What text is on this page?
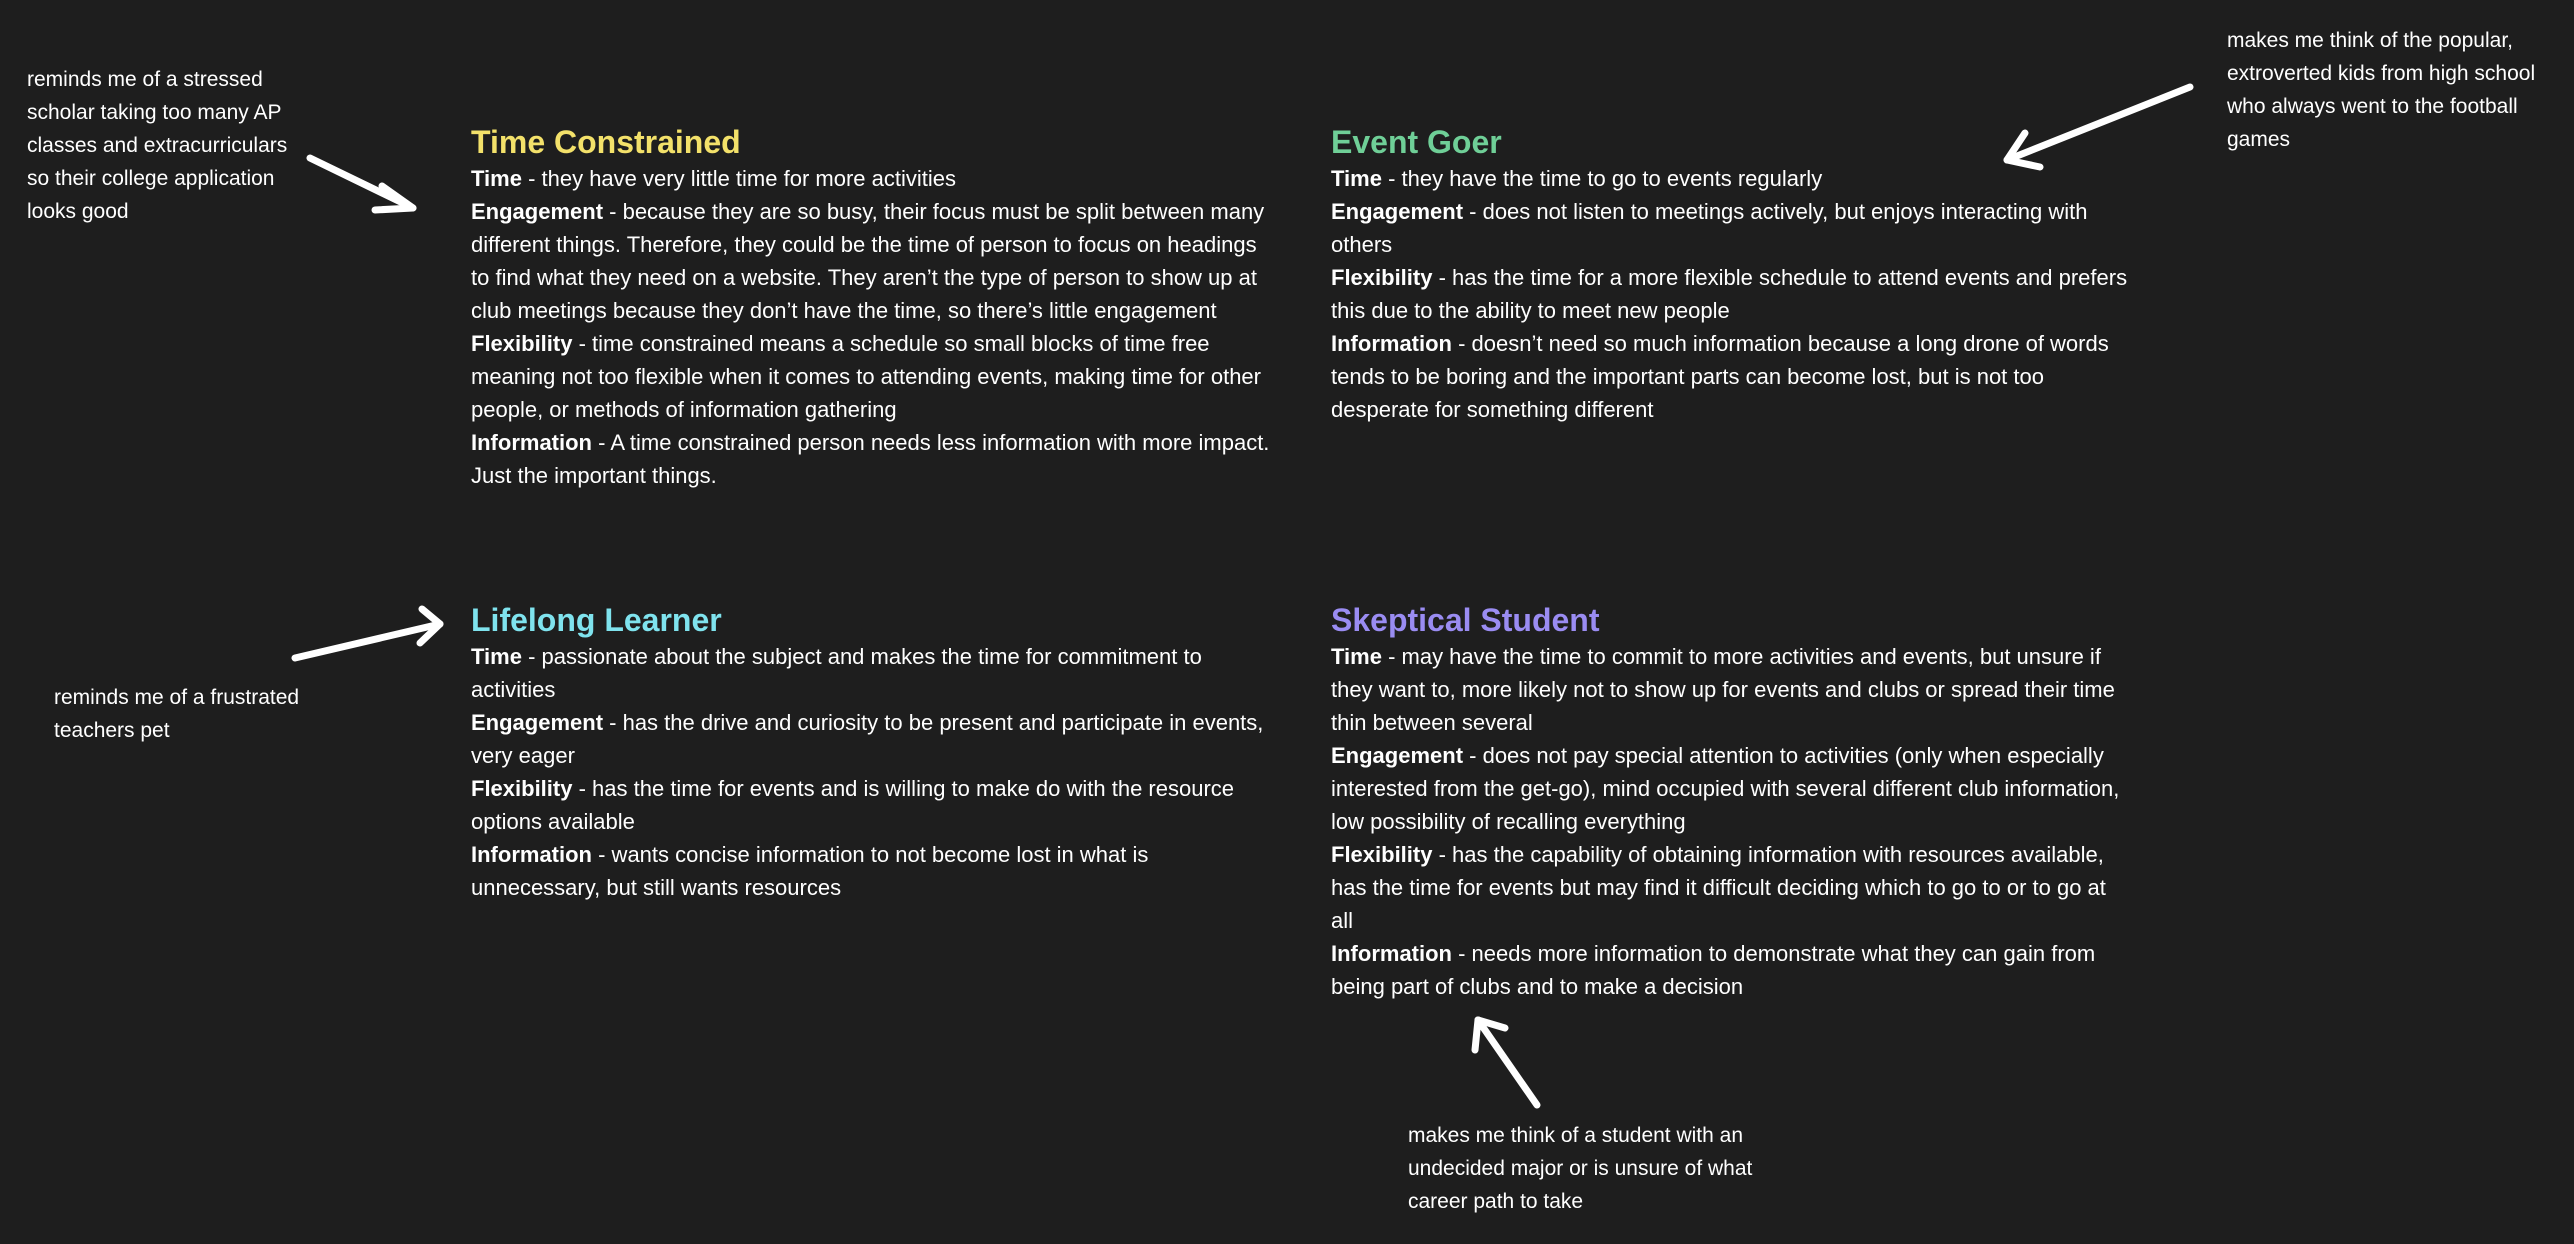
Time Constrained

Time - they have very little time for more activities

Engagement - because they are so busy, their focus must be split between many different things. Therefore, they could be the time of person to focus on headings to find what they need on a website. They aren’t the type of person to show up at club meetings because they don’t have the time, so there’s little engagement

Flexibility - time constrained means a schedule so small blocks of time free meaning not too flexible when it comes to attending events, making time for other people, or methods of information gathering

Information - A time constrained person needs less information with more impact. Just the important things.

Event Goer

Time - they have the time to go to events regularly

Engagement - does not listen to meetings actively, but enjoys interacting with others

Flexibility - has the time for a more flexible schedule to attend events and prefers this due to the ability to meet new people

Information - doesn’t need so much information because a long drone of words tends to be boring and the important parts can become lost, but is not too desperate for something different

Lifelong Learner

Time - passionate about the subject and makes the time for commitment to activities

Engagement - has the drive and curiosity to be present and participate in events, very eager

Flexibility - has the time for events and is willing to make do with the resource options available

Information - wants concise information to not become lost in what is unnecessary, but still wants resources

Skeptical Student

Time - may have the time to commit to more activities and events, but unsure if they want to, more likely not to show up for events and clubs or spread their time thin between several

Engagement - does not pay special attention to activities (only when especially interested from the get-go), mind occupied with several different club information, low possibility of recalling everything

Flexibility - has the capability of obtaining information with resources available, has the time for events but may find it difficult deciding which to go to or to go at all

Information - needs more information to demonstrate what they can gain from being part of clubs and to make a decision

reminds me of a stressed
scholar taking too many AP
classes and extracurriculars
so their college application
looks good
makes me think of the popular,
extroverted kids from high school
who always went to the football
games
reminds me of a frustrated
teachers pet
makes me think of a student with an
undecided major or is unsure of what
career path to take
